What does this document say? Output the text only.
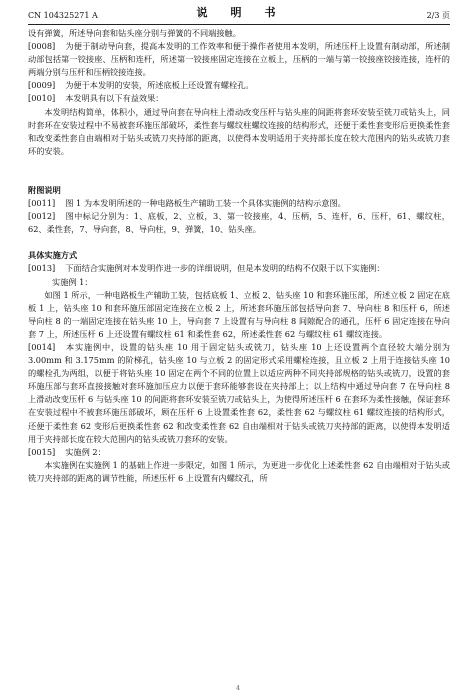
CN 104325271 A	说　明　书	2/3 页

设有弹簧，所述导向套和钻头座分别与弹簧的不同端接触。

[0008] 为便于制动导向套，提高本发明的工作效率和便于操作者使用本发明，所述压杆上设置有制动部，所述制动部包括第一铰接座、压柄和连杆，所述第一铰接座固定连接在立板上，压柄的一端与第一铰接座铰接连接，连杆的两端分别与压杆和压柄铰接连接。

[0009] 为便于本发明的安装，所述底板上还设置有螺栓孔。

[0010] 本发明具有以下有益效果：

本发明结构简单，体积小，通过导向套在导向柱上滑动改变压杆与钻头座的间距将套环安装至铣刀或钻头上，同时套环在安装过程中不易被套环施压部破坏，柔性套与螺纹柱螺纹连接的结构形式，还便于柔性套变形后更换柔性套和改变柔性套自由端相对于钻头或铣刀夹持部的距离，以使得本发明适用于夹持部长度在较大范围内的钻头或铣刀套环的安装。

附图说明

[0011] 图 1 为本发明所述的一种电路板生产辅助工装一个具体实施例的结构示意图。

[0012] 图中标记分别为：1、底板，2、立板，3、第一铰接座，4、压柄，5、连杆，6、压杆，61、螺纹柱，62、柔性套，7、导向套，8、导向柱，9、弹簧，10、钻头座。

具体实施方式

[0013] 下面结合实施例对本发明作进一步的详细说明，但是本发明的结构不仅限于以下实施例：

实施例 1：

如图 1 所示，一种电路板生产辅助工装，包括底板 1、立板 2、钻头座 10 和套环施压部，所述立板 2 固定在底板 1 上，钻头座 10 和套环施压部固定连接在立板 2 上，所述套环施压部包括导向套 7、导向柱 8 和压杆 6，所述导向柱 8 的一端固定连接在钻头座 10 上，导向套 7 上设置有与导向柱 8 间隙配合的通孔，压杆 6 固定连接在导向套 7 上，所述压杆 6 上还设置有螺纹柱 61 和柔性套 62，所述柔性套 62 与螺纹柱 61 螺纹连接。

[0014] 本实施例中，设置的钻头座 10 用于固定钻头或铣刀，钻头座 10 上还设置两个直径较大端分别为 3.00mm 和 3.175mm 的阶梯孔，钻头座 10 与立板 2 的固定形式采用螺栓连接，且立板 2 上用于连接钻头座 10 的螺栓孔为两组，以便于将钻头座 10 固定在两个不同的位置上以适应两种不同夹持部规格的钻头或铣刀，设置的套环施压部与套环直接接触对套环施加压应力以便于套环能够套设在夹持部上；以上结构中通过导向套 7 在导向柱 8 上滑动改变压杆 6 与钻头座 10 的间距将套环安装至铣刀或钻头上，为使得所述压杆 6 在套环为柔性接触，保证套环在安装过程中不被套环施压部破坏，顾在压杆 6 上设置柔性套 62，柔性套 62 与螺纹柱 61 螺纹连接的结构形式，还便于柔性套 62 变形后更换柔性套 62 和改变柔性套 62 自由端相对于钻头或铣刀夹持部的距离，以使得本发明适用于夹持部长度在较大范围内的钻头或铣刀套环的安装。

[0015] 实施例 2：

本实施例在实施例 1 的基础上作进一步限定，如图 1 所示，为更进一步优化上述柔性套 62 自由端相对于钻头或铣刀夹持部的距离的调节性能，所述压杆 6 上设置有内螺纹孔，所

4
